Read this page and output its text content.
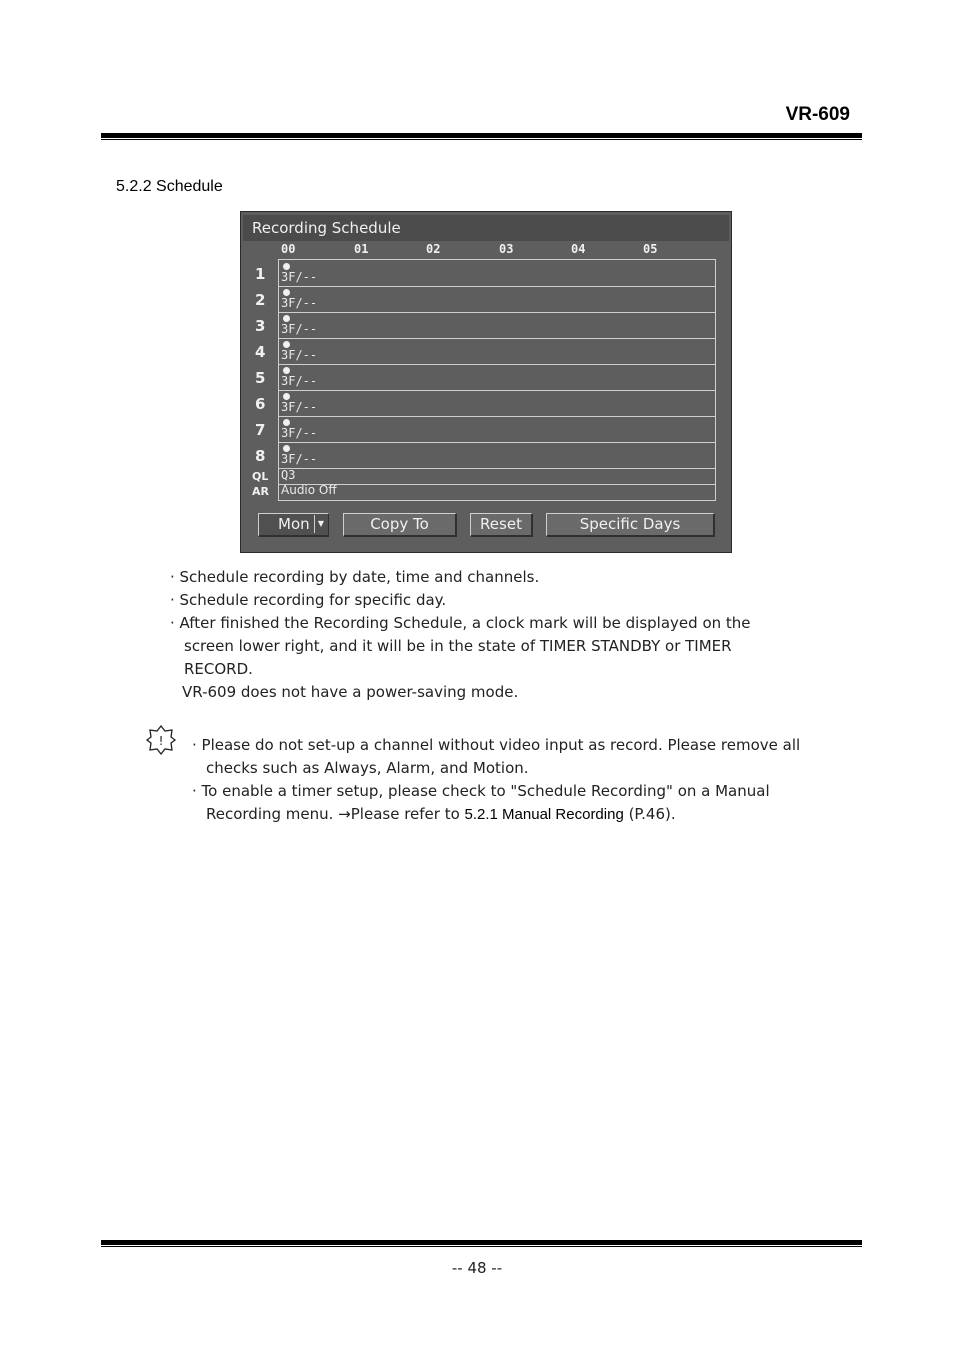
VR-609
5.2.2 Schedule
Recording Schedule
00	01	02	03	04	05
1 3F/--
2 3F/--
3 3F/--
4 3F/--
5 3F/--
6 3F/--
7 3F/--
8 3F/--
QL Q3
AR Audio Off
Mon	▼	Copy To	Reset	Specific Days

· Schedule recording by date, time and channels.

· Schedule recording for specific day.

· After finished the Recording Schedule, a clock mark will be displayed on the

screen lower right, and it will be in the state of TIMER STANDBY or TIMER

RECORD.

VR-609 does not have a power-saving mode.

! · Please do not set-up a channel without video input as record. Please remove all

checks such as Always, Alarm, and Motion.

· To enable a timer setup, please check to "Schedule Recording" on a Manual

Recording menu. →Please refer to 5.2.1 Manual Recording (P.46).

-- 48 --
